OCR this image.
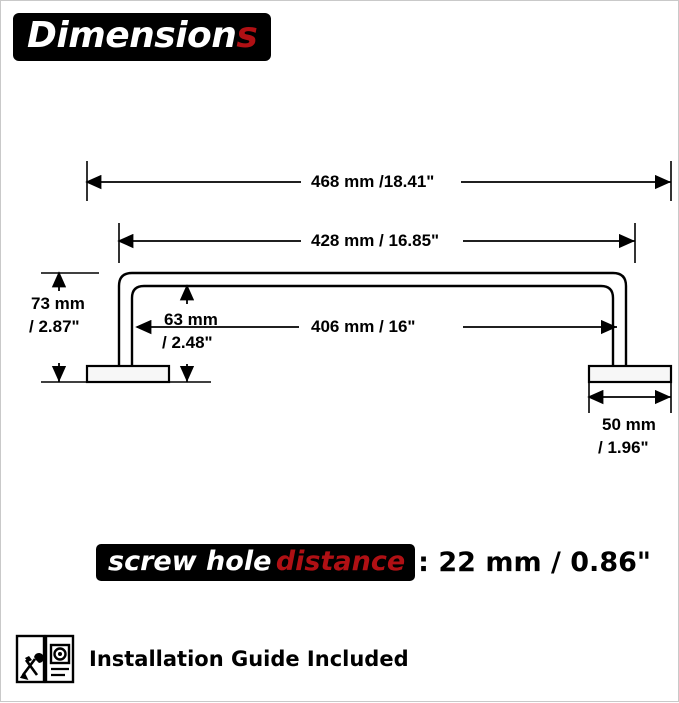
Dimensions
468 mm /18.41"
428 mm / 16.85"
406 mm / 16"
73 mm
/ 2.87"	63 mm
/ 2.48"
50 mm
/ 1.96"
screw hole distance : 22 mm / 0.86"
Installation Guide Included
